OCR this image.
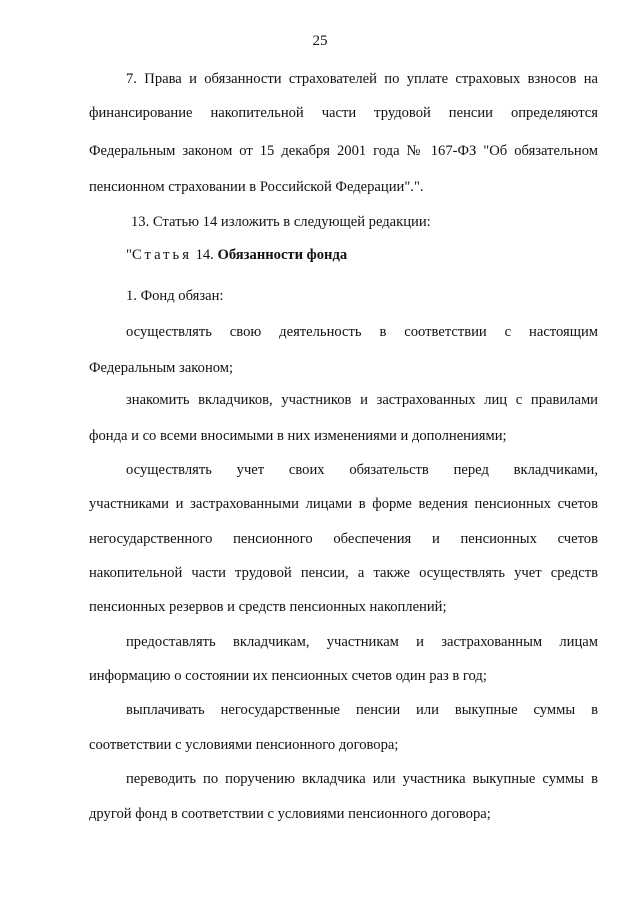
25
7. Права и обязанности страхователей по уплате страховых взносов на
финансирование накопительной части трудовой пенсии определяются
Федеральным законом от 15 декабря 2001 года № 167-ФЗ "Об обязательном
пенсионном страховании в Российской Федерации".".
13. Статью 14 изложить в следующей редакции:
"Статья 14. Обязанности фонда
1. Фонд обязан:
осуществлять свою деятельность в соответствии с настоящим
Федеральным законом;
знакомить вкладчиков, участников и застрахованных лиц с правилами
фонда и со всеми вносимыми в них изменениями и дополнениями;
осуществлять учет своих обязательств перед вкладчиками,
участниками и застрахованными лицами в форме ведения пенсионных счетов
негосударственного пенсионного обеспечения и пенсионных счетов
накопительной части трудовой пенсии, а также осуществлять учет средств
пенсионных резервов и средств пенсионных накоплений;
предоставлять вкладчикам, участникам и застрахованным лицам
информацию о состоянии их пенсионных счетов один раз в год;
выплачивать негосударственные пенсии или выкупные суммы в
соответствии с условиями пенсионного договора;
переводить по поручению вкладчика или участника выкупные суммы в
другой фонд в соответствии с условиями пенсионного договора;
